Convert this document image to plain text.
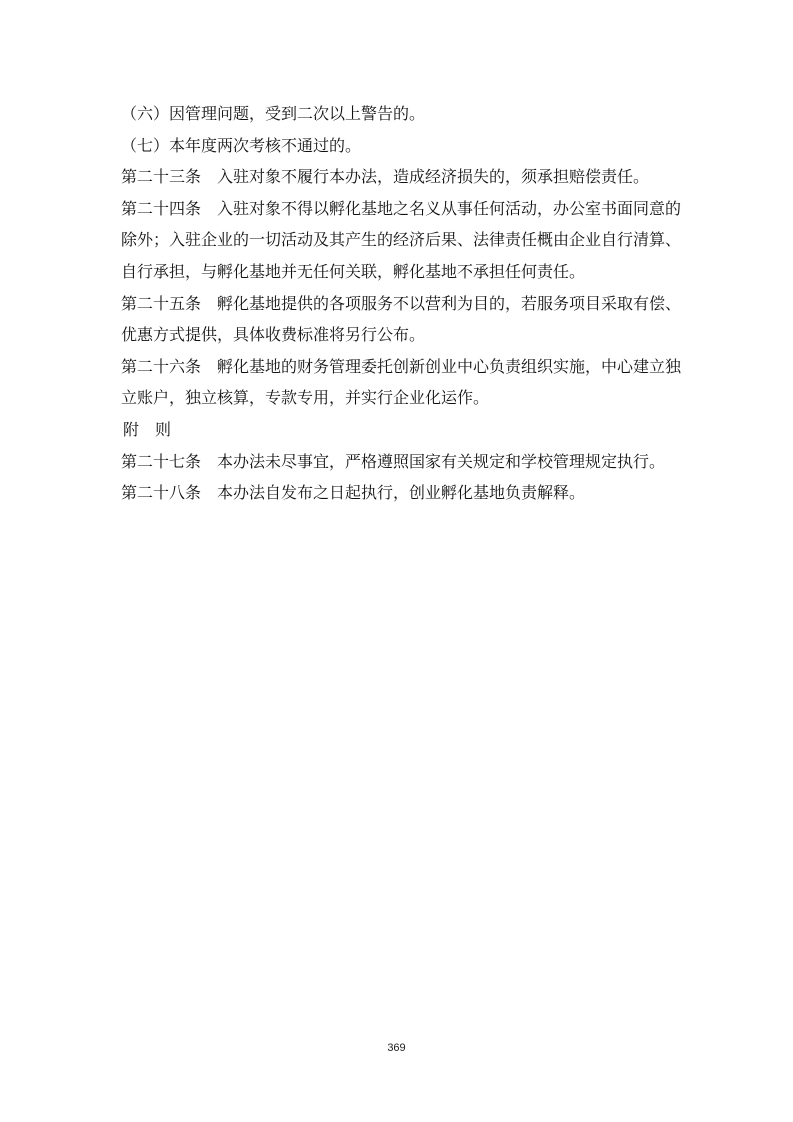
（六）因管理问题，受到二次以上警告的。
（七）本年度两次考核不通过的。
第二十三条　入驻对象不履行本办法，造成经济损失的，须承担赔偿责任。
第二十四条　入驻对象不得以孵化基地之名义从事任何活动，办公室书面同意的
除外；入驻企业的一切活动及其产生的经济后果、法律责任概由企业自行清算、
自行承担，与孵化基地并无任何关联，孵化基地不承担任何责任。
第二十五条　孵化基地提供的各项服务不以营利为目的，若服务项目采取有偿、
优惠方式提供，具体收费标准将另行公布。
第二十六条　孵化基地的财务管理委托创新创业中心负责组织实施，中心建立独
立账户，独立核算，专款专用，并实行企业化运作。
附　则
第二十七条　本办法未尽事宜，严格遵照国家有关规定和学校管理规定执行。
第二十八条　本办法自发布之日起执行，创业孵化基地负责解释。
369
